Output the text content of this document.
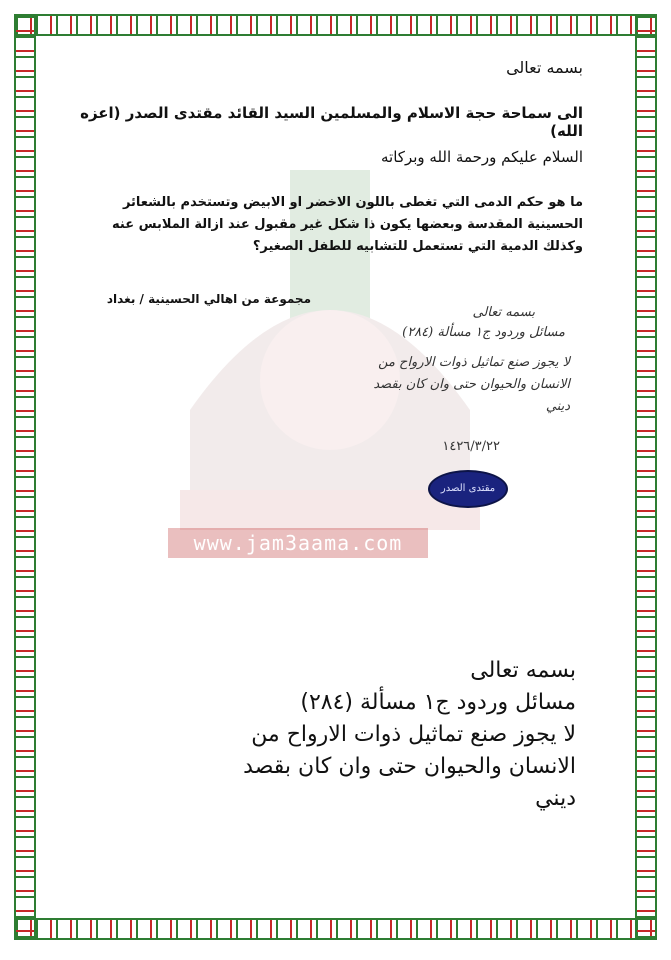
www.jam3aama.com
بسمه تعالى
الى سماحة حجة الاسلام والمسلمين السيد القائد مقتدى الصدر (اعزه الله)
السلام عليكم ورحمة الله وبركاته
ما هو حكم الدمى التي تغطى باللون الاخضر او الابيض وتستخدم بالشعائر الحسينية المقدسة وبعضها يكون ذا شكل غير مقبول عند ازالة الملابس عنه وكذلك الدمية التي تستعمل للتشابيه للطفل الصغير؟
مجموعة من اهالي الحسينية / بغداد
بسمه تعالى
مسائل وردود ج١ مسألة (٢٨٤)
لا يجوز صنع تماثيل ذوات الارواح من
الانسان والحيوان حتى وان كان بقصد
ديني
١٤٢٦/٣/٢٢
مقتدى الصدر
بسمه تعالى
مسائل وردود ج١ مسألة (٢٨٤)
لا يجوز صنع تماثيل ذوات الارواح من
الانسان والحيوان حتى وان كان بقصد
ديني
